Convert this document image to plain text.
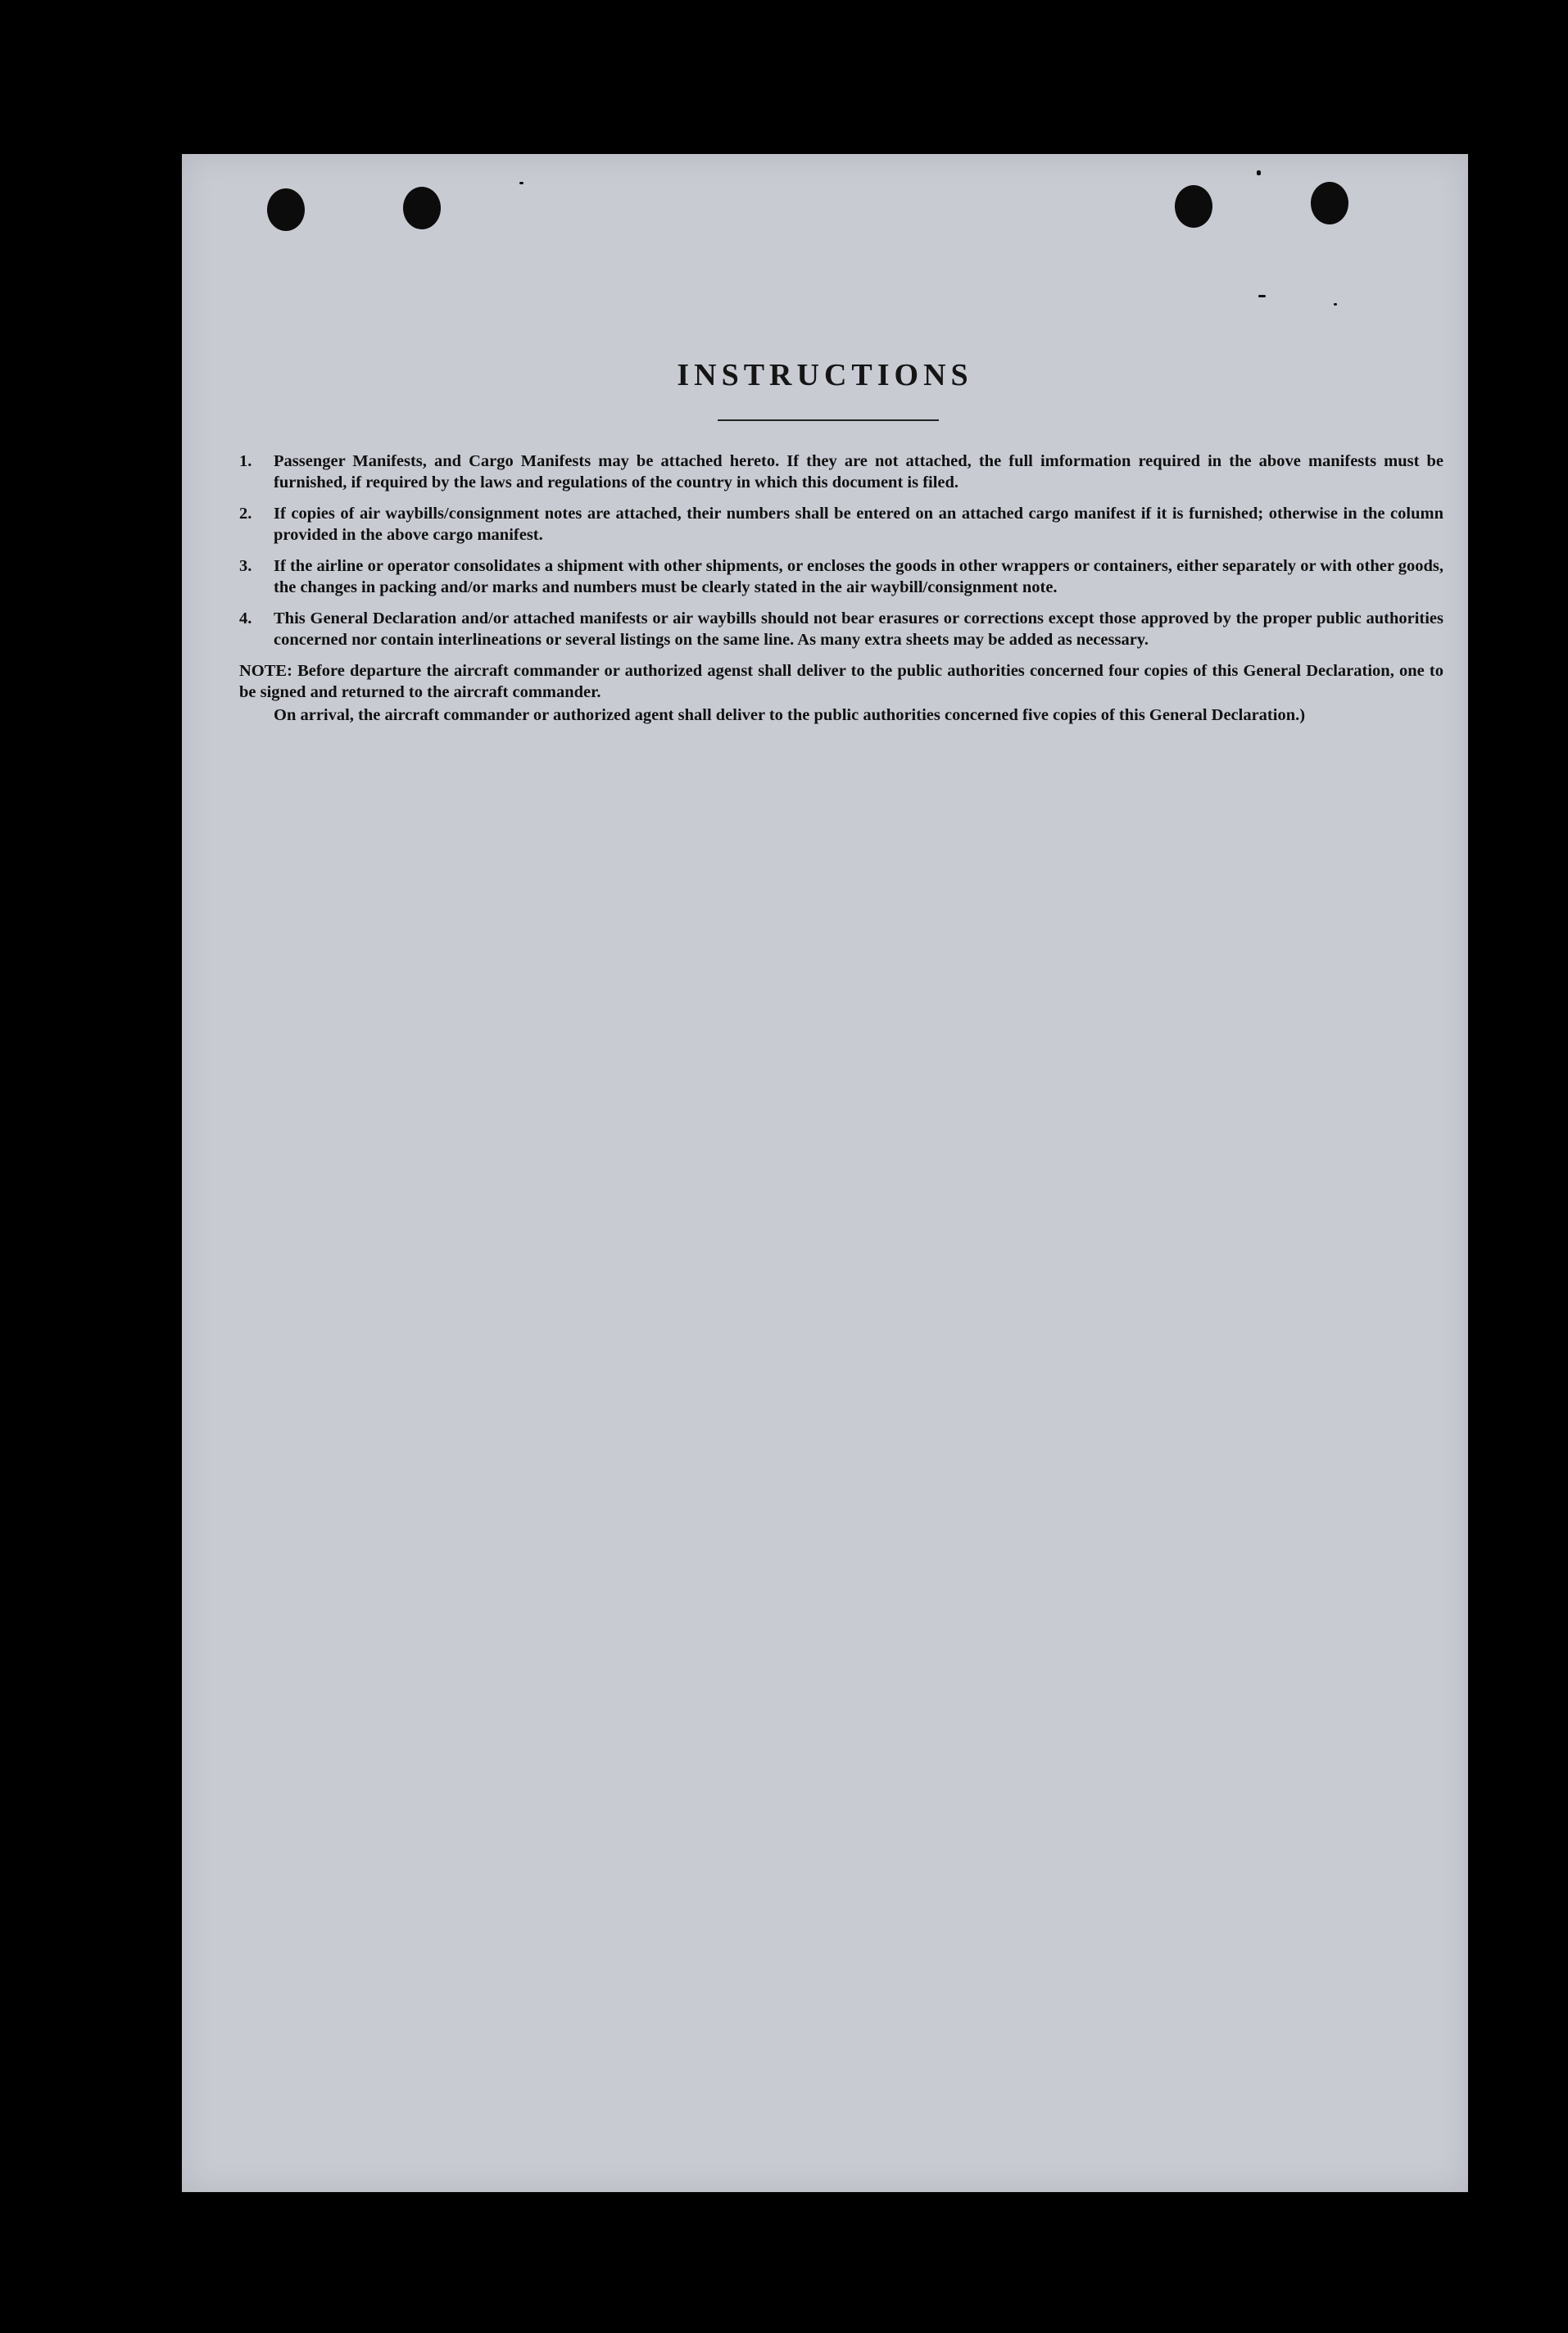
INSTRUCTIONS
1.	Passenger Manifests, and Cargo Manifests may be attached hereto. If they are not attached, the full imformation required in the above manifests must be furnished, if required by the laws and regulations of the country in which this document is filed.
2.	If copies of air waybills/consignment notes are attached, their numbers shall be entered on an attached cargo manifest if it is furnished; otherwise in the column provided in the above cargo manifest.
3.	If the airline or operator consolidates a shipment with other shipments, or encloses the goods in other wrappers or containers, either separately or with other goods, the changes in packing and/or marks and numbers must be clearly stated in the air waybill/consignment note.
4.	This General Declaration and/or attached manifests or air waybills should not bear erasures or corrections except those approved by the proper public authorities concerned nor contain interlineations or several listings on the same line. As many extra sheets may be added as necessary.

NOTE: Before departure the aircraft commander or authorized agenst shall deliver to the public authorities concerned four copies of this General Declaration, one to be signed and returned to the aircraft commander.

On arrival, the aircraft commander or authorized agent shall deliver to the public authorities concerned five copies of this General Declaration.)
